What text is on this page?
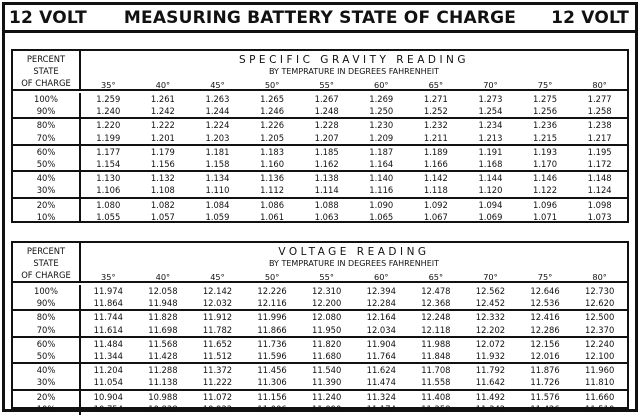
12 VOLT	MEASURING BATTERY STATE OF CHARGE	12 VOLT
PERCENT
STATE
OF CHARGE
SPECIFIC GRAVITY READING
BY TEMPRATURE IN DEGREES FAHRENHEIT
35°	40°	45°	50°	55°	60°	65°	70°	75°	80°
100%	1.259	1.261	1.263	1.265	1.267	1.269	1.271	1.273	1.275	1.277
90%	1.240	1.242	1.244	1.246	1.248	1.250	1.252	1.254	1.256	1.258
80%	1.220	1.222	1.224	1.226	1.228	1.230	1.232	1.234	1.236	1.238
70%	1.199	1.201	1.203	1.205	1.207	1.209	1.211	1.213	1.215	1.217
60%	1.177	1.179	1.181	1.183	1.185	1.187	1.189	1.191	1.193	1.195
50%	1.154	1.156	1.158	1.160	1.162	1.164	1.166	1.168	1.170	1.172
40%	1.130	1.132	1.134	1.136	1.138	1.140	1.142	1.144	1.146	1.148
30%	1.106	1.108	1.110	1.112	1.114	1.116	1.118	1.120	1.122	1.124
20%	1.080	1.082	1.084	1.086	1.088	1.090	1.092	1.094	1.096	1.098
10%	1.055	1.057	1.059	1.061	1.063	1.065	1.067	1.069	1.071	1.073
PERCENT
STATE
OF CHARGE
VOLTAGE READING
BY TEMPRATURE IN DEGREES FAHRENHEIT
35°	40°	45°	50°	55°	60°	65°	70°	75°	80°
100%	11.974	12.058	12.142	12.226	12.310	12.394	12.478	12.562	12.646	12.730
90%	11.864	11.948	12.032	12.116	12.200	12.284	12.368	12.452	12.536	12.620
80%	11.744	11.828	11.912	11.996	12.080	12.164	12.248	12.332	12.416	12.500
70%	11.614	11.698	11.782	11.866	11.950	12.034	12.118	12.202	12.286	12.370
60%	11.484	11.568	11.652	11.736	11.820	11.904	11.988	12.072	12.156	12.240
50%	11.344	11.428	11.512	11.596	11.680	11.764	11.848	11.932	12.016	12.100
40%	11.204	11.288	11.372	11.456	11.540	11.624	11.708	11.792	11.876	11.960
30%	11.054	11.138	11.222	11.306	11.390	11.474	11.558	11.642	11.726	11.810
20%	10.904	10.988	11.072	11.156	11.240	11.324	11.408	11.492	11.576	11.660
10%	10.754	10.838	10.922	11.006	11.090	11.174	11.258	11.342	11.426	11.510
